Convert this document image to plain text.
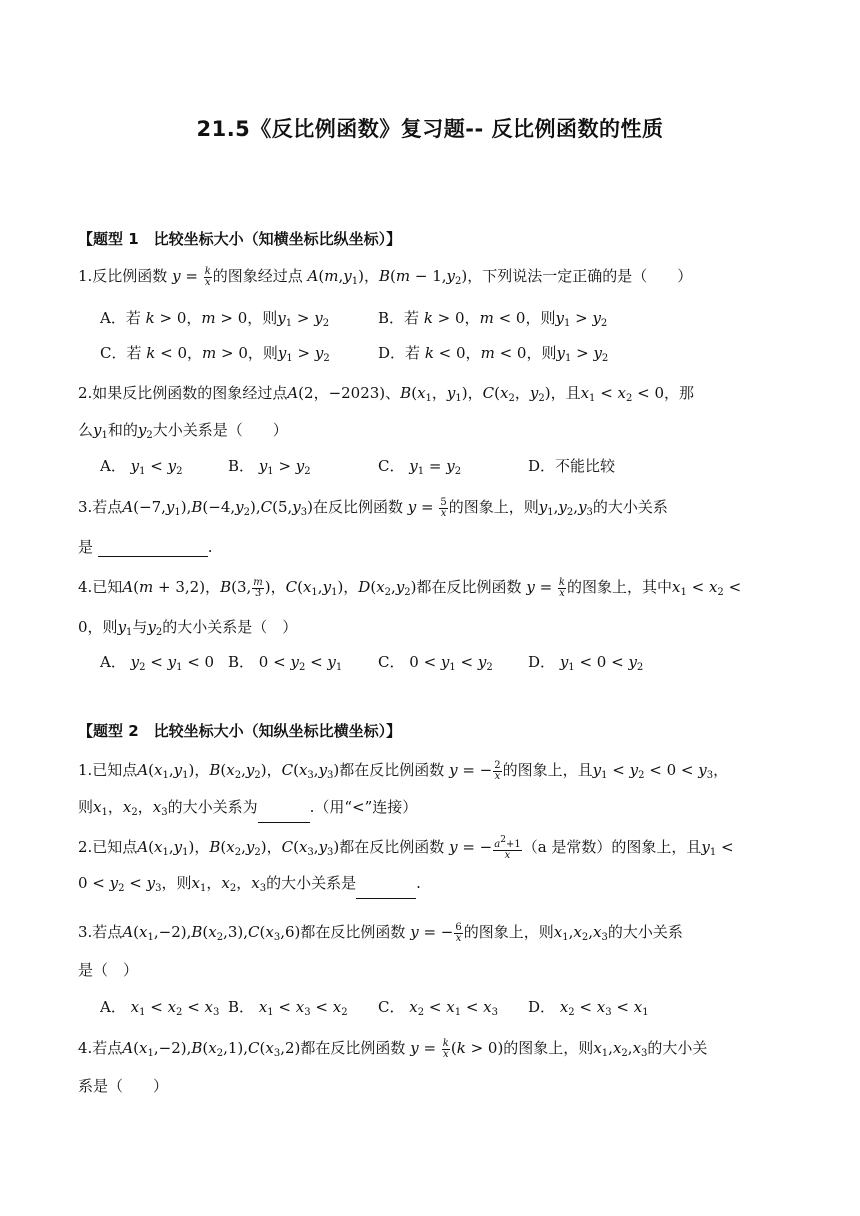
21.5《反比例函数》复习题-- 反比例函数的性质
【题型 1　比较坐标大小（知横坐标比纵坐标）】
1.反比例函数 $y = \frac{k}{x}$ 的图象经过点 $A(m,y_1)$，$B(m - 1,y_2)$，下列说法一定正确的是（　　）
A．若 k > 0，m > 0，则$y_1 > y_2$	B．若 k > 0，m < 0，则$y_1 > y_2$
C．若 k < 0，m > 0，则$y_1 > y_2$	D．若 k < 0，m < 0，则$y_1 > y_2$
2.如果反比例函数的图象经过点A(2，−2023)、$B(x_1$，$y_1$)，$C(x_2$，$y_2$)，且$x_1 < x_2 < 0$，那
么$y_1$和的$y_2$大小关系是（　　）
A． $y_1 < y_2$	B． $y_1 > y_2$	C． $y_1 = y_2$	D．不能比较
3.若点$A(-7,y_1),B(-4,y_2),C(5,y_3)$在反比例函数 $y = \frac{5}{x}$ 的图象上，则$y_1,y_2,y_3$的大小关系
是	.
4.已知A(m + 3,2)，B(3, $\frac{m}{3}$ )，$C(x_1,y_1)$，$D(x_2,y_2)$都在反比例函数 $y = \frac{k}{x}$ 的图象上，其中$x_1 < x_2$ <
0，则$y_1$与$y_2$的大小关系是（　）
A． $y_2 < y_1 < 0$ B． $0 < y_2 < y_1$ C． $0 < y_1 < y_2$ D． $y_1 < 0 < y_2$
【题型 2　比较坐标大小（知纵坐标比横坐标）】
1.已知点$A(x_1,y_1)$，$B(x_2,y_2)$，$C(x_3,y_3)$都在反比例函数 y = − $\frac{2}{x}$ 的图象上，且$y_1 < y_2 < 0 < y_3$，
则$x_1$，$x_2$，$x_3$的大小关系为	.（用“<”连接）
2.已知点$A(x_1,y_1)$，$B(x_2,y_2)$，$C(x_3,y_3)$都在反比例函数 y = − $\frac{a^2+1}{x} (a$ 是常数）的图象上，且$y_1$ <
$0 < y_2 < y_3$，则$x_1$，$x_2$，$x_3$的大小关系是	.
3.若点$A(x_1,-2),B(x_2,3),C(x_3,6)$都在反比例函数 y = − $\frac{6}{x}$ 的图象上，则$x_1,x_2,x_3$的大小关系
是（　）
A． $x_1 < x_2 < x_3$ B． $x_1 < x_3 < x_2$ C． $x_2 < x_1 < x_3$ D． $x_2 < x_3 < x_1$
4.若点$A(x_1,-2),B(x_2,1),C(x_3,2)$都在反比例函数 $y = \frac{k}{x} (k > 0)$的图象上，则$x_1,x_2,x_3$的大小关
系是（　　）
